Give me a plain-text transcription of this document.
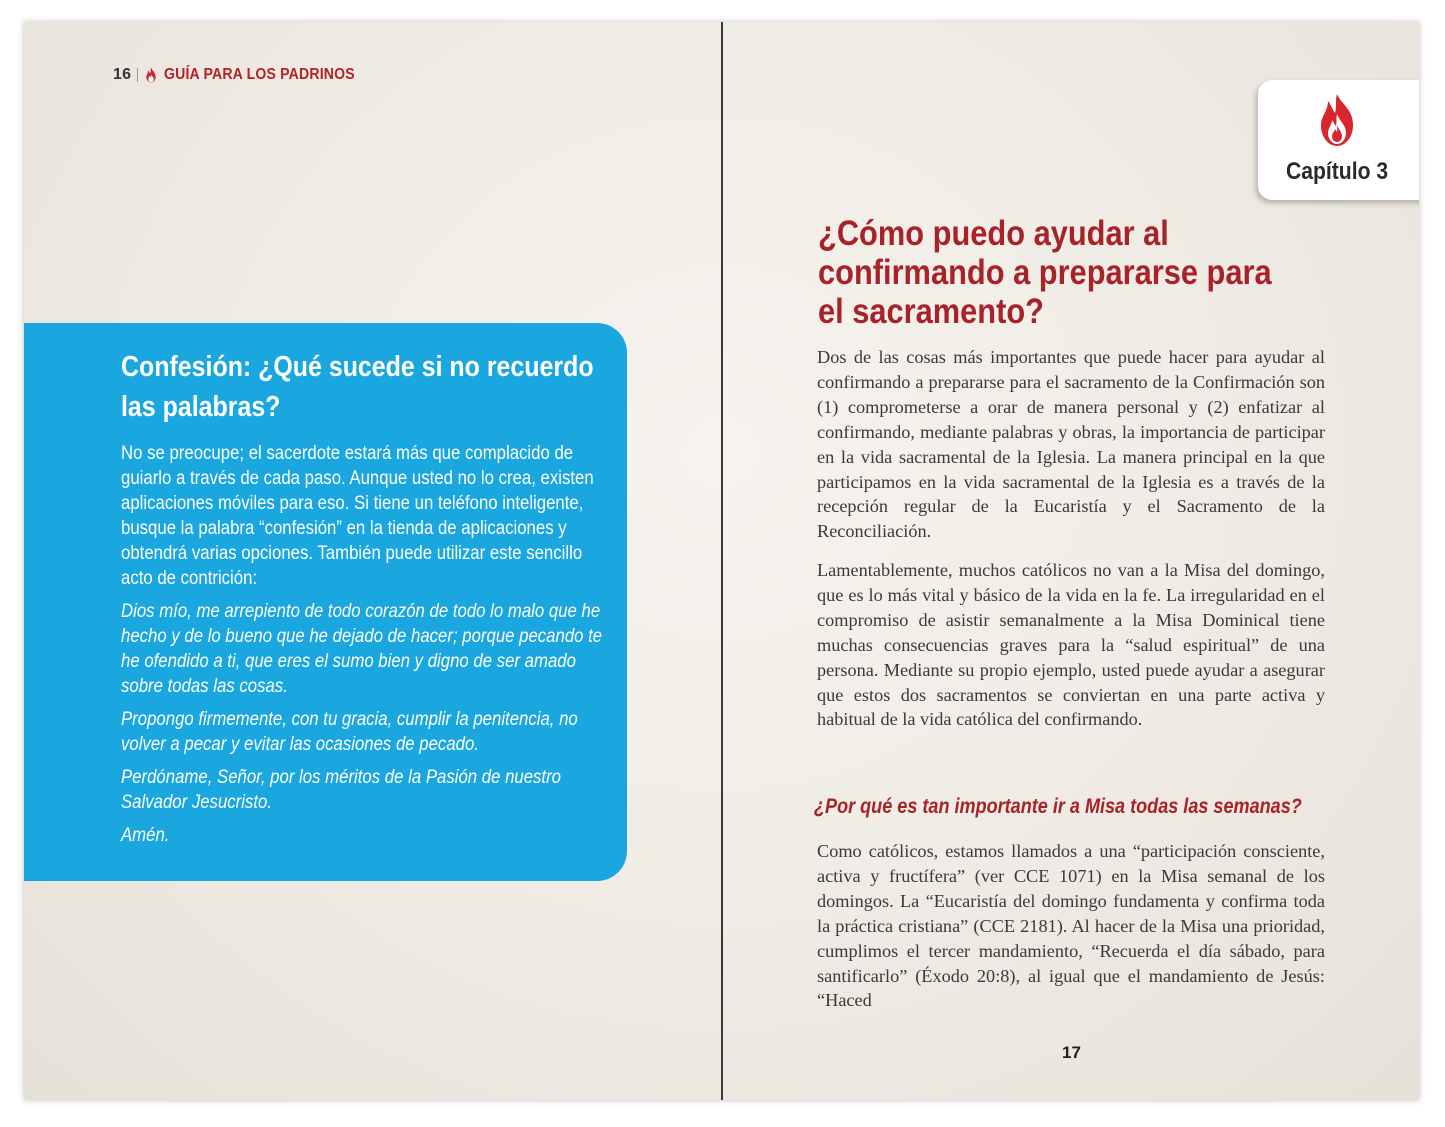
16 GUÍA PARA LOS PADRINOS
Confesión: ¿Qué sucede si no recuerdo las palabras?

No se preocupe; el sacerdote estará más que complacido de guiarlo a través de cada paso. Aunque usted no lo crea, existen aplicaciones móviles para eso. Si tiene un teléfono inteligente, busque la palabra “confesión” en la tienda de aplicaciones y obtendrá varias opciones. También puede utilizar este sencillo acto de contrición:

Dios mío, me arrepiento de todo corazón de todo lo malo que he hecho y de lo bueno que he dejado de hacer; porque pecando te he ofendido a ti, que eres el sumo bien y digno de ser amado sobre todas las cosas.

Propongo firmemente, con tu gracia, cumplir la penitencia, no volver a pecar y evitar las ocasiones de pecado.

Perdóname, Señor, por los méritos de la Pasión de nuestro Salvador Jesucristo.

Amén.

Capítulo 3
¿Cómo puedo ayudar al confirmando a prepararse para el sacramento?

Dos de las cosas más importantes que puede hacer para ayudar al confirmando a prepararse para el sacramento de la Confirmación son (1) comprometerse a orar de manera personal y (2) enfatizar al confirmando, mediante palabras y obras, la importancia de participar en la vida sacramental de la Iglesia. La manera principal en la que participamos en la vida sacramental de la Iglesia es a través de la recepción regular de la Eucaristía y el Sacramento de la Reconciliación.

Lamentablemente, muchos católicos no van a la Misa del domingo, que es lo más vital y básico de la vida en la fe. La irregularidad en el compromiso de asistir semanalmente a la Misa Dominical tiene muchas consecuencias graves para la “salud espiritual” de una persona. Mediante su propio ejemplo, usted puede ayudar a asegurar que estos dos sacramentos se conviertan en una parte activa y habitual de la vida católica del confirmando.

¿Por qué es tan importante ir a Misa todas las semanas?

Como católicos, estamos llamados a una “participación consciente, activa y fructífera” (ver CCE 1071) en la Misa semanal de los domingos. La “Eucaristía del domingo fundamenta y confirma toda la práctica cristiana” (CCE 2181). Al hacer de la Misa una prioridad, cumplimos el tercer mandamiento, “Recuerda el día sábado, para santificarlo” (Éxodo 20:8), al igual que el mandamiento de Jesús: “Haced

17
